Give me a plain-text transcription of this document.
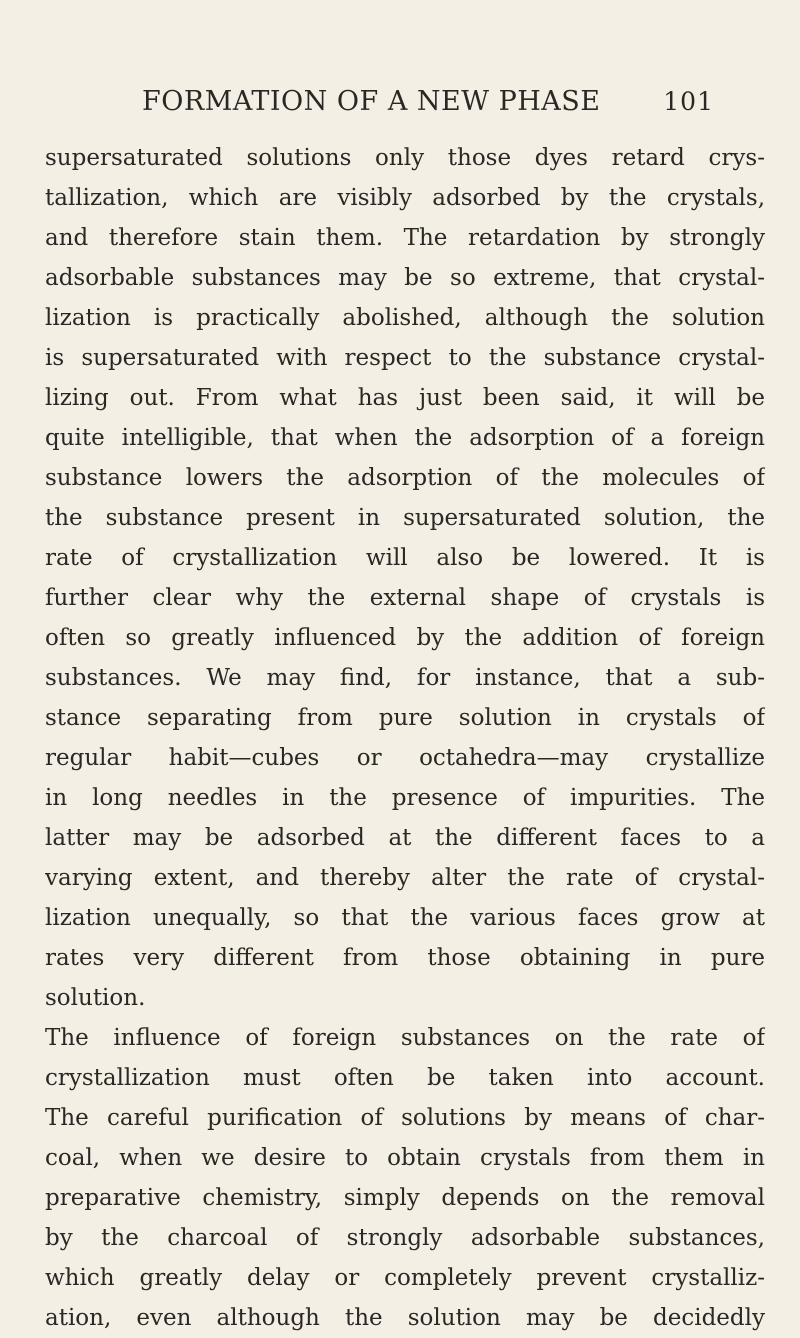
FORMATION OF A NEW PHASE	101
supersaturated solutions only those dyes retard crys-
tallization, which are visibly adsorbed by the crystals,
and therefore stain them. The retardation by strongly
adsorbable substances may be so extreme, that crystal-
lization is practically abolished, although the solution
is supersaturated with respect to the substance crystal-
lizing out. From what has just been said, it will be
quite intelligible, that when the adsorption of a foreign
substance lowers the adsorption of the molecules of
the substance present in supersaturated solution, the
rate of crystallization will also be lowered. It is
further clear why the external shape of crystals is
often so greatly influenced by the addition of foreign
substances. We may find, for instance, that a sub-
stance separating from pure solution in crystals of
regular habit—cubes or octahedra—may crystallize
in long needles in the presence of impurities. The
latter may be adsorbed at the different faces to a
varying extent, and thereby alter the rate of crystal-
lization unequally, so that the various faces grow at
rates very different from those obtaining in pure
solution.
The influence of foreign substances on the rate of
crystallization must often be taken into account.
The careful purification of solutions by means of char-
coal, when we desire to obtain crystals from them in
preparative chemistry, simply depends on the removal
by the charcoal of strongly adsorbable substances,
which greatly delay or completely prevent crystalliz-
ation, even although the solution may be decidedly
